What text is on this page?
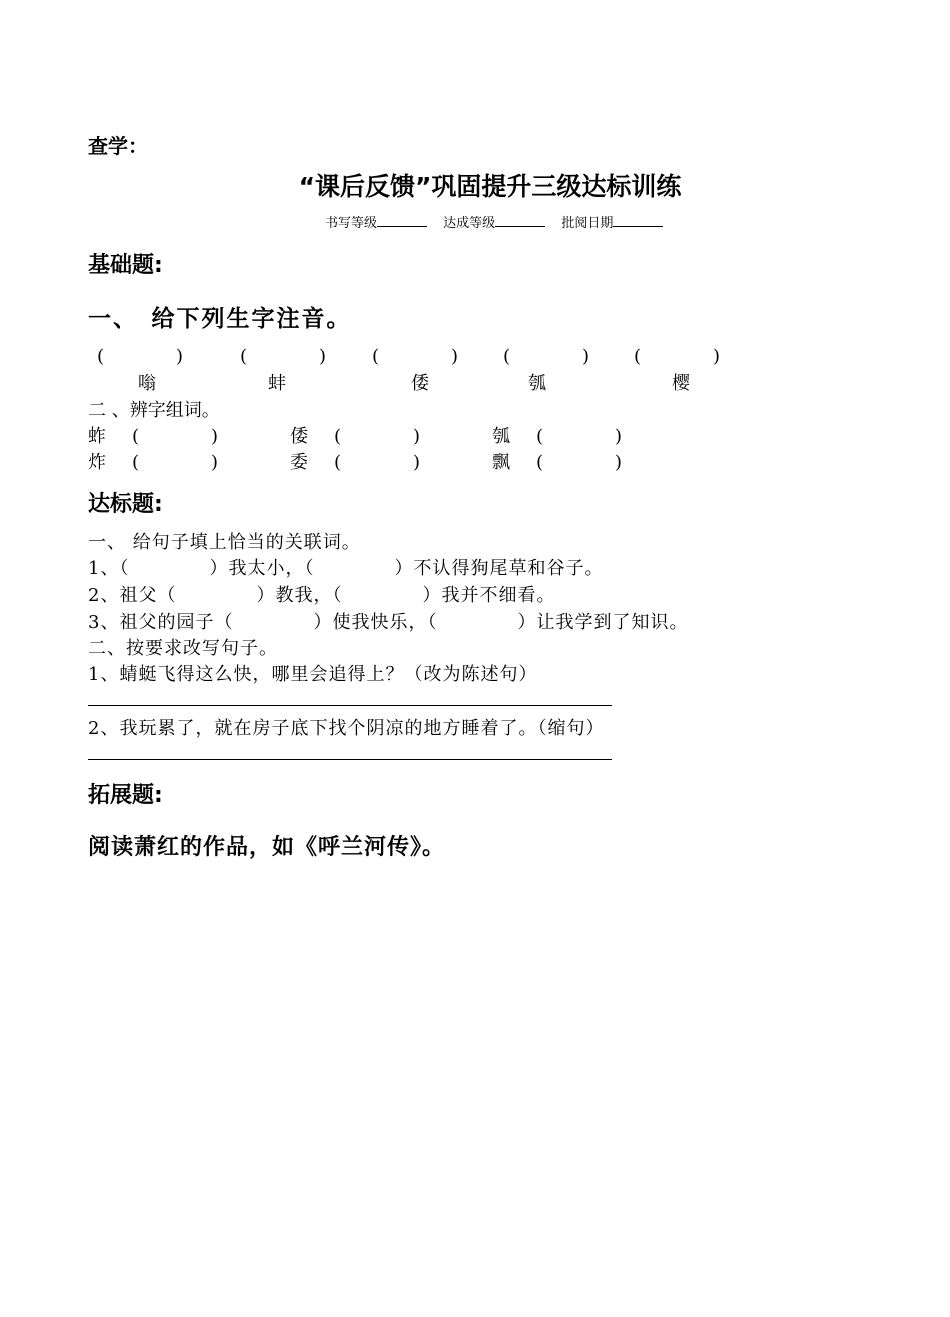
查学：
“课后反馈”巩固提升三级达标训练
书写等级	达成等级	批阅日期
基础题:
一、　给下列生字注音。
(　　　　)	(　　　　)	(　　　　) (　　　　) (　　　　)
嗡	蚌	倭	瓠	樱
二 、辨字组词。
蚱 (　　　　)	倭 (　　　　)	瓠 (　　　　)
炸 (　　　　)	委 (　　　　)	飘 (　　　　)
达标题:
一、 给句子填上恰当的关联词。
1、（	）我太小，（	）不认得狗尾草和谷子。
2、祖父（	）教我，（	）我并不细看。
3、祖父的园子（	）使我快乐，（	）让我学到了知识。
二、按要求改写句子。
1、蜻蜓飞得这么快，哪里会追得上？（改为陈述句）
2、我玩累了，就在房子底下找个阴凉的地方睡着了。（缩句）
拓展题:
阅读萧红的作品，如《呼兰河传》。
